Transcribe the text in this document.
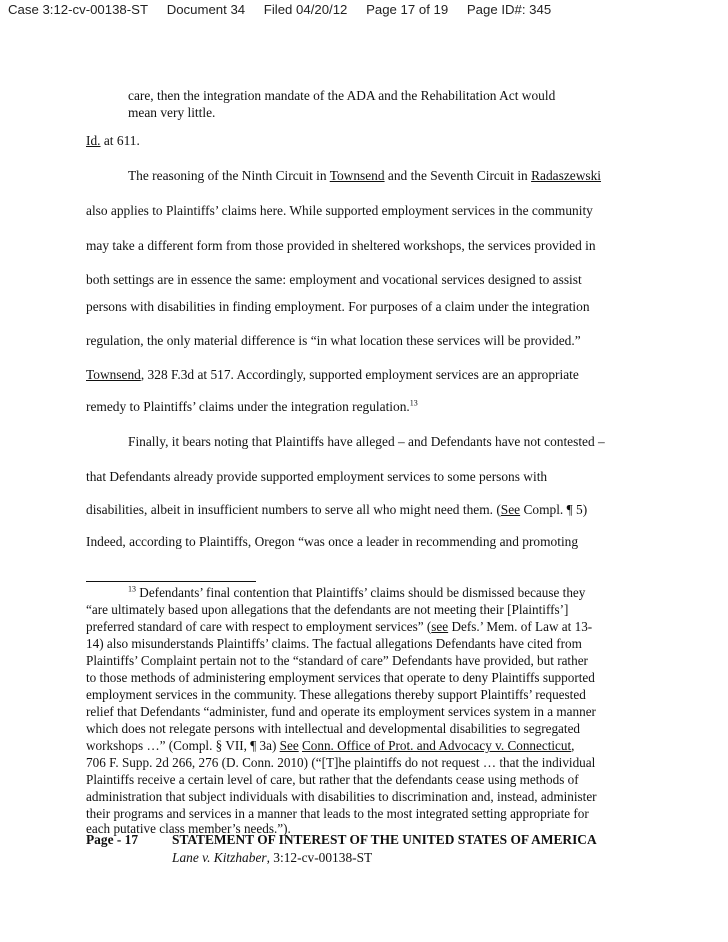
Case 3:12-cv-00138-ST Document 34 Filed 04/20/12 Page 17 of 19 Page ID#: 345
care, then the integration mandate of the ADA and the Rehabilitation Act would
mean very little.
Id. at 611.
The reasoning of the Ninth Circuit in Townsend and the Seventh Circuit in Radaszewski
also applies to Plaintiffs’ claims here. While supported employment services in the community
may take a different form from those provided in sheltered workshops, the services provided in
both settings are in essence the same: employment and vocational services designed to assist
persons with disabilities in finding employment. For purposes of a claim under the integration
regulation, the only material difference is “in what location these services will be provided.”
Townsend, 328 F.3d at 517. Accordingly, supported employment services are an appropriate
remedy to Plaintiffs’ claims under the integration regulation.$^{13}$
Finally, it bears noting that Plaintiffs have alleged – and Defendants have not contested –
that Defendants already provide supported employment services to some persons with
disabilities, albeit in insufficient numbers to serve all who might need them. (See Compl. ¶ 5)
Indeed, according to Plaintiffs, Oregon “was once a leader in recommending and promoting
$^{13}$ Defendants’ final contention that Plaintiffs’ claims should be dismissed because they
“are ultimately based upon allegations that the defendants are not meeting their [Plaintiffs’]
preferred standard of care with respect to employment services” (see Defs.’ Mem. of Law at 13-
14) also misunderstands Plaintiffs’ claims. The factual allegations Defendants have cited from
Plaintiffs’ Complaint pertain not to the “standard of care” Defendants have provided, but rather
to those methods of administering employment services that operate to deny Plaintiffs supported
employment services in the community. These allegations thereby support Plaintiffs’ requested
relief that Defendants “administer, fund and operate its employment services system in a manner
which does not relegate persons with intellectual and developmental disabilities to segregated
workshops …” (Compl. § VII, ¶ 3a) See Conn. Office of Prot. and Advocacy v. Connecticut,
706 F. Supp. 2d 266, 276 (D. Conn. 2010) (“[T]he plaintiffs do not request … that the individual
Plaintiffs receive a certain level of care, but rather that the defendants cease using methods of
administration that subject individuals with disabilities to discrimination and, instead, administer
their programs and services in a manner that leads to the most integrated setting appropriate for
each putative class member’s needs.”).
Page - 17	STATEMENT OF INTEREST OF THE UNITED STATES OF AMERICA
Lane v. Kitzhaber, 3:12-cv-00138-ST
